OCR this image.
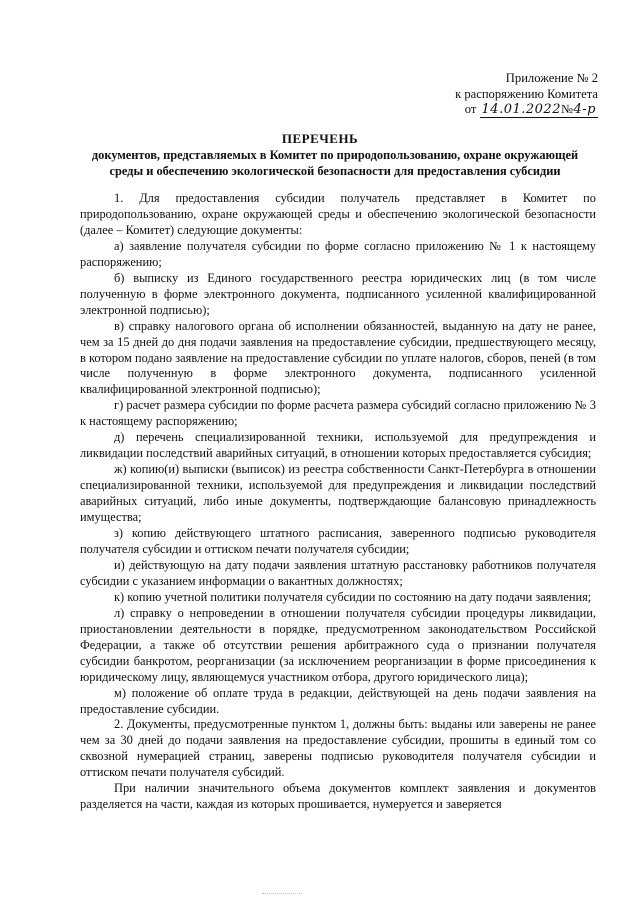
Приложение № 2
к распоряжению Комитета
от 14.01.2022№4-р
ПЕРЕЧЕНЬ
документов, представляемых в Комитет по природопользованию, охране окружающей среды и обеспечению экологической безопасности для предоставления субсидии

1. Для предоставления субсидии получатель представляет в Комитет по природопользованию, охране окружающей среды и обеспечению экологической безопасности (далее – Комитет) следующие документы:

а) заявление получателя субсидии по форме согласно приложению № 1 к настоящему распоряжению;

б) выписку из Единого государственного реестра юридических лиц (в том числе полученную в форме электронного документа, подписанного усиленной квалифицированной электронной подписью);

в) справку налогового органа об исполнении обязанностей, выданную на дату не ранее, чем за 15 дней до дня подачи заявления на предоставление субсидии, предшествующего месяцу, в котором подано заявление на предоставление субсидии по уплате налогов, сборов, пеней (в том числе полученную в форме электронного документа, подписанного усиленной квалифицированной электронной подписью);

г) расчет размера субсидии по форме расчета размера субсидий согласно приложению № 3 к настоящему распоряжению;

д) перечень специализированной техники, используемой для предупреждения и ликвидации последствий аварийных ситуаций, в отношении которых предоставляется субсидия;

ж) копию(и) выписки (выписок) из реестра собственности Санкт-Петербурга в отношении специализированной техники, используемой для предупреждения и ликвидации последствий аварийных ситуаций, либо иные документы, подтверждающие балансовую принадлежность имущества;

з) копию действующего штатного расписания, заверенного подписью руководителя получателя субсидии и оттиском печати получателя субсидии;

и) действующую на дату подачи заявления штатную расстановку работников получателя субсидии с указанием информации о вакантных должностях;

к) копию учетной политики получателя субсидии по состоянию на дату подачи заявления;

л) справку о непроведении в отношении получателя субсидии процедуры ликвидации, приостановлении деятельности в порядке, предусмотренном законодательством Российской Федерации, а также об отсутствии решения арбитражного суда о признании получателя субсидии банкротом, реорганизации (за исключением реорганизации в форме присоединения к юридическому лицу, являющемуся участником отбора, другого юридического лица);

м) положение об оплате труда в редакции, действующей на день подачи заявления на предоставление субсидии.

2. Документы, предусмотренные пунктом 1, должны быть: выданы или заверены не ранее чем за 30 дней до подачи заявления на предоставление субсидии, прошиты в единый том со сквозной нумерацией страниц, заверены подписью руководителя получателя субсидии и оттиском печати получателя субсидий.

При наличии значительного объема документов комплект заявления и документов разделяется на части, каждая из которых прошивается, нумеруется и заверяется
